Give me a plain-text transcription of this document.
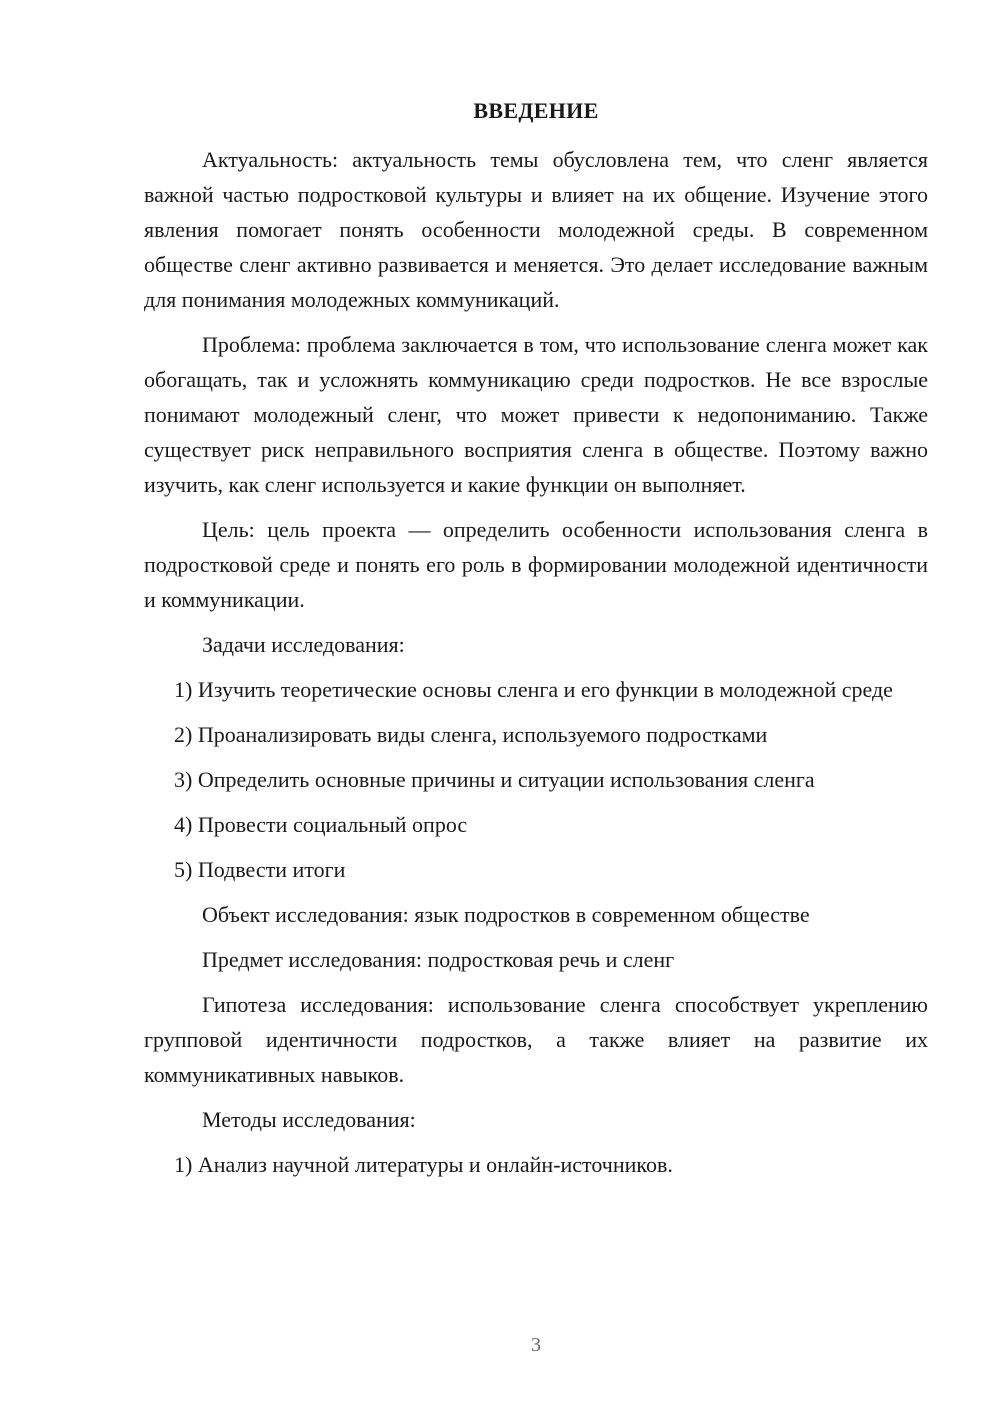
ВВЕДЕНИЕ

Актуальность: актуальность темы обусловлена тем, что сленг является важной частью подростковой культуры и влияет на их общение. Изучение этого явления помогает понять особенности молодежной среды. В современном обществе сленг активно развивается и меняется. Это делает исследование важным для понимания молодежных коммуникаций.

Проблема: проблема заключается в том, что использование сленга может как обогащать, так и усложнять коммуникацию среди подростков. Не все взрослые понимают молодежный сленг, что может привести к недопониманию. Также существует риск неправильного восприятия сленга в обществе. Поэтому важно изучить, как сленг используется и какие функции он выполняет.

Цель: цель проекта — определить особенности использования сленга в подростковой среде и понять его роль в формировании молодежной идентичности и коммуникации.

Задачи исследования:

1) Изучить теоретические основы сленга и его функции в молодежной среде

2) Проанализировать виды сленга, используемого подростками

3) Определить основные причины и ситуации использования сленга

4) Провести социальный опрос

5) Подвести итоги

Объект исследования: язык подростков в современном обществе

Предмет исследования: подростковая речь и сленг

Гипотеза исследования: использование сленга способствует укреплению групповой идентичности подростков, а также влияет на развитие их коммуникативных навыков.

Методы исследования:

1) Анализ научной литературы и онлайн-источников.

3
